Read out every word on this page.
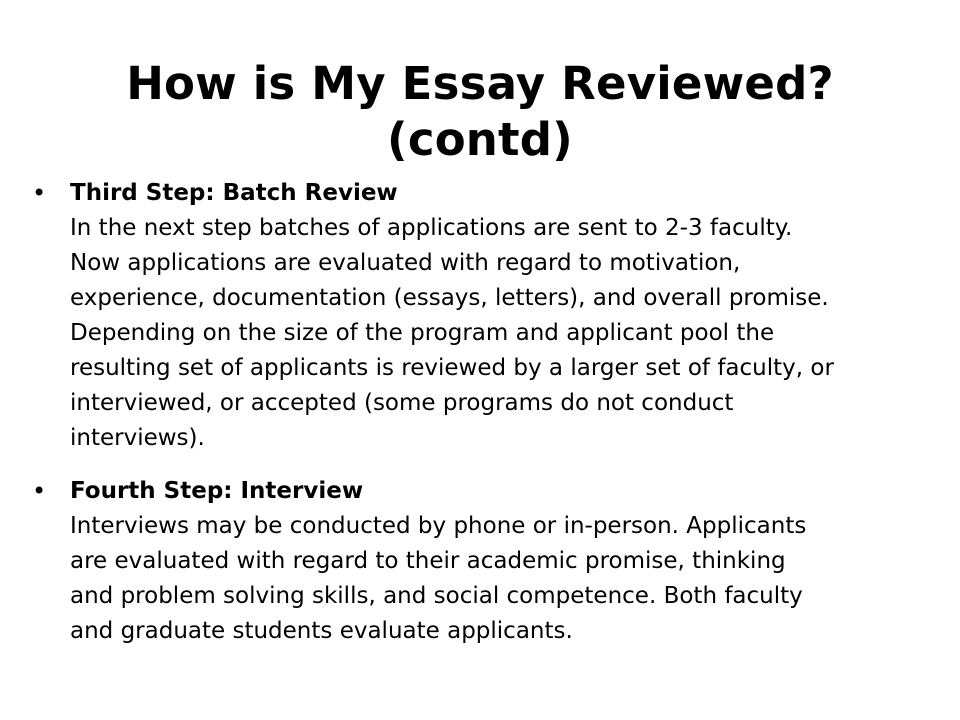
How is My Essay Reviewed?
(contd)
• Third Step: Batch Review
In the next step batches of applications are sent to 2-3 faculty.
Now applications are evaluated with regard to motivation,
experience, documentation (essays, letters), and overall promise.
Depending on the size of the program and applicant pool the
resulting set of applicants is reviewed by a larger set of faculty, or
interviewed, or accepted (some programs do not conduct
interviews).
• Fourth Step: Interview
Interviews may be conducted by phone or in-person. Applicants
are evaluated with regard to their academic promise, thinking
and problem solving skills, and social competence. Both faculty
and graduate students evaluate applicants.
